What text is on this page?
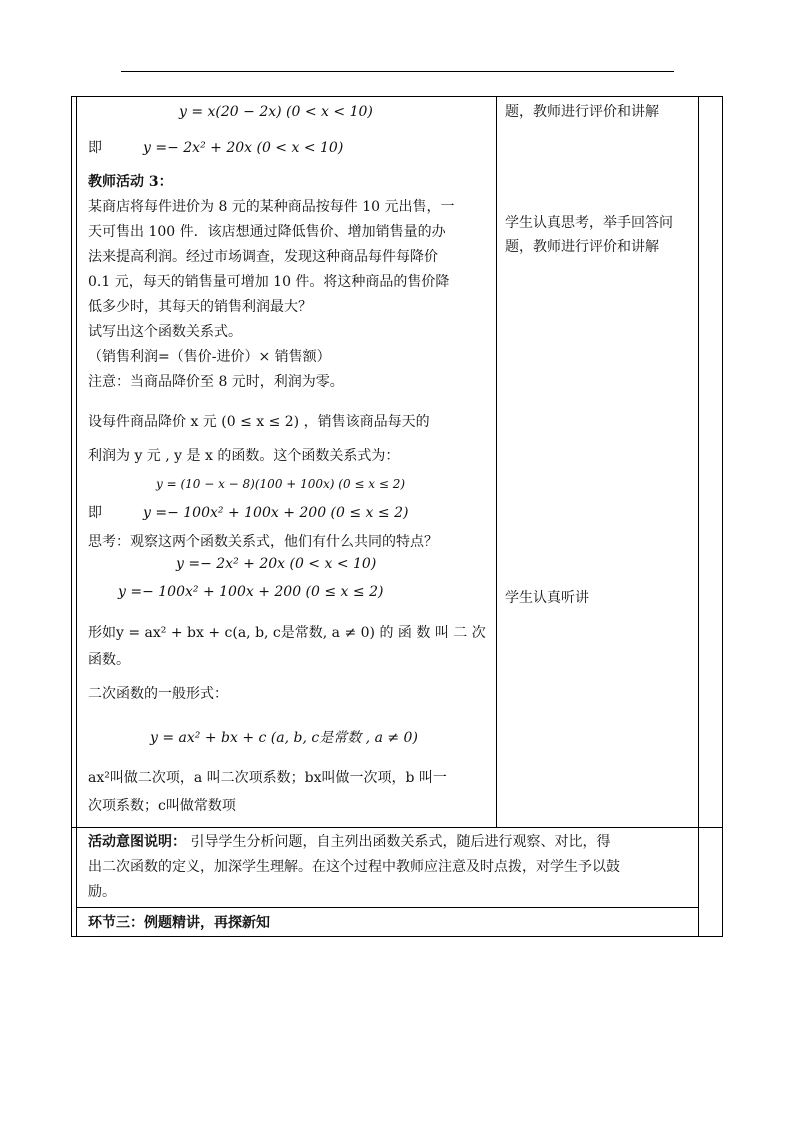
y = x(20 − 2x) (0 < x < 10)
即	y =− 2x² + 20x (0 < x < 10)
教师活动 3：
某商店将每件进价为 8 元的某种商品按每件 10 元出售，一
天可售出 100 件．该店想通过降低售价、增加销售量的办
法来提高利润。经过市场调查，发现这种商品每件每降价
0.1 元，每天的销售量可增加 10 件。将这种商品的售价降
低多少时，其每天的销售利润最大？
试写出这个函数关系式。
（销售利润=（售价-进价）× 销售额）
注意：当商品降价至 8 元时，利润为零。
设每件商品降价 x 元 (0 ≤ x ≤ 2) ，销售该商品每天的
利润为 y 元 , y 是 x 的函数。这个函数关系式为：
y = (10 − x − 8)(100 + 100x) (0 ≤ x ≤ 2)
即	y =− 100x² + 100x + 200 (0 ≤ x ≤ 2)
思考：观察这两个函数关系式，他们有什么共同的特点？
y =− 2x² + 20x (0 < x < 10)
y =− 100x² + 100x + 200 (0 ≤ x ≤ 2)
形如y = ax² + bx + c(a, b, c是常数, a ≠ 0) 的 函 数 叫 二 次
函数。
二次函数的一般形式：
y = ax² + bx + c (a, b, c是常数 , a ≠ 0)
ax²叫做二次项，a 叫二次项系数；bx叫做一次项，b 叫一
次项系数；c叫做常数项
题，教师进行评价和讲解
学生认真思考，举手回答问
题，教师进行评价和讲解
学生认真听讲
活动意图说明： 引导学生分析问题，自主列出函数关系式，随后进行观察、对比，得
出二次函数的定义，加深学生理解。在这个过程中教师应注意及时点拨，对学生予以鼓
励。
环节三：例题精讲，再探新知
